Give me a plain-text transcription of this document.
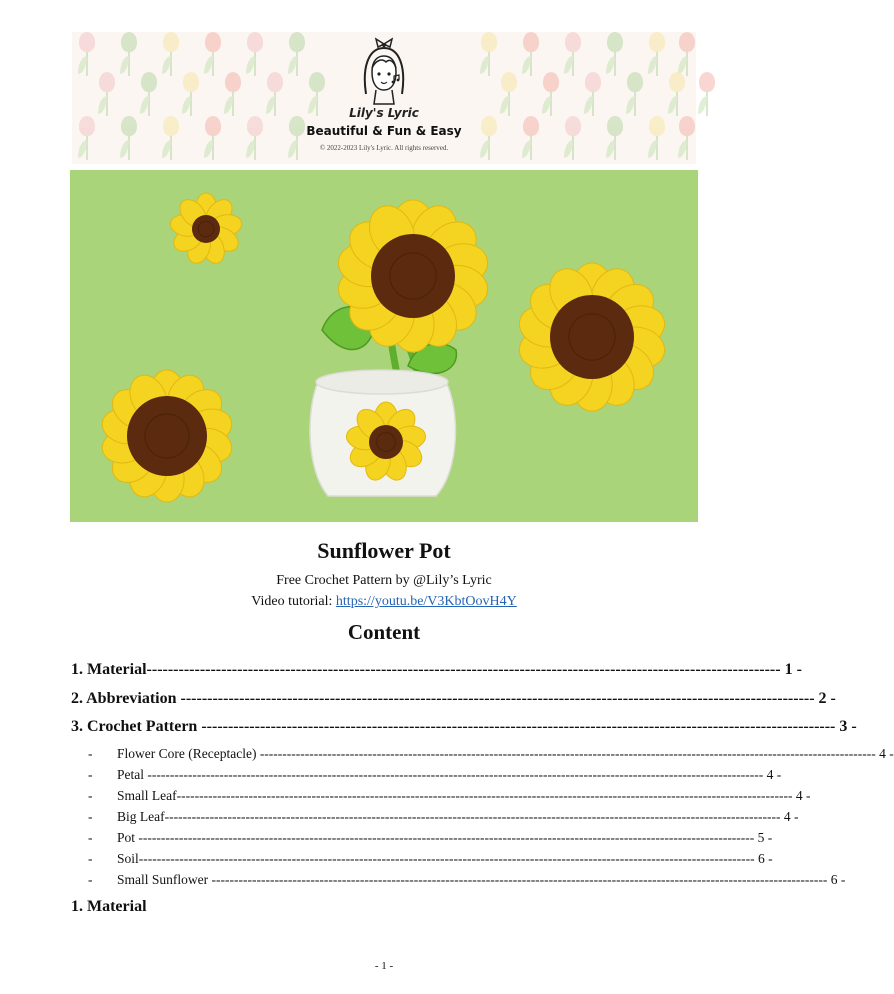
Lily's Lyric
Beautiful & Fun & Easy
© 2022-2023 Lily's Lyric. All rights reserved.
Sunflower Pot
Free Crochet Pattern by @Lily’s Lyric
Video tutorial: https://youtu.be/V3KbtOovH4Y
Content
1. Material ---------------------------------------------------------------------------------------------------------------------- - 1 -
2. Abbreviation ---------------------------------------------------------------------------------------------------------------------- - 2 -
3. Crochet Pattern ---------------------------------------------------------------------------------------------------------------------- - 3 -
-	Flower Core (Receptacle) ---------------------------------------------------------------------------------------------------------------------------------------- - 4 -
-	Petal ---------------------------------------------------------------------------------------------------------------------------------------- - 4 -
-	Small Leaf ---------------------------------------------------------------------------------------------------------------------------------------- - 4 -
-	Big Leaf ---------------------------------------------------------------------------------------------------------------------------------------- - 4 -
-	Pot ---------------------------------------------------------------------------------------------------------------------------------------- - 5 -
-	Soil ---------------------------------------------------------------------------------------------------------------------------------------- - 6 -
-	Small Sunflower ---------------------------------------------------------------------------------------------------------------------------------------- - 6 -
1. Material
- 1 -
